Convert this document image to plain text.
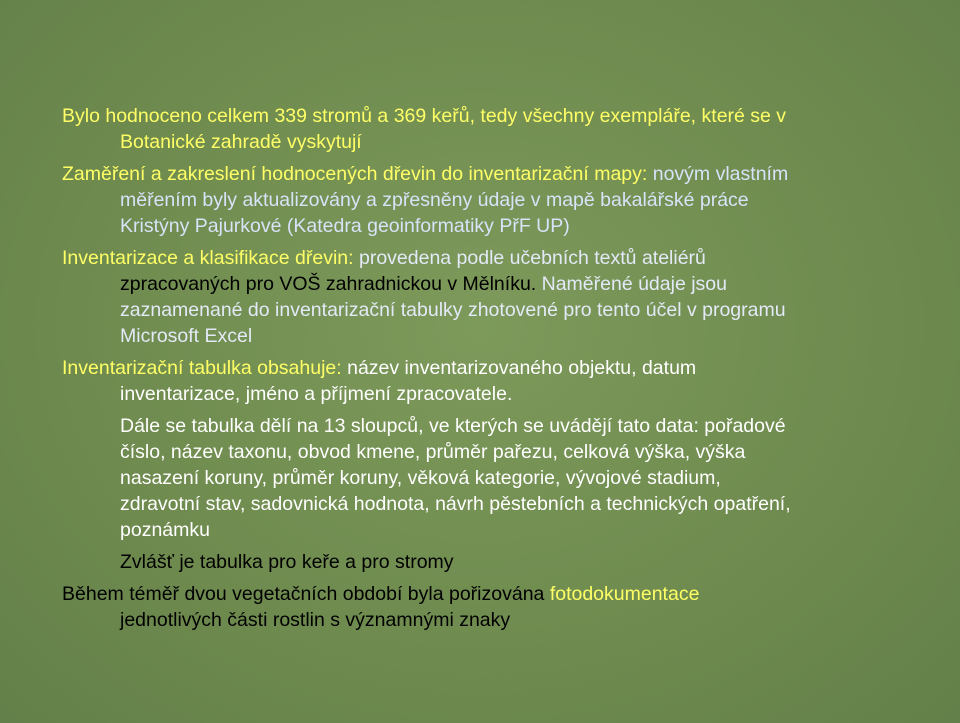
Bylo hodnoceno celkem 339 stromů a 369 keřů, tedy všechny exempláře, které se v
Botanické zahradě vyskytují
Zaměření a zakreslení hodnocených dřevin do inventarizační mapy: novým vlastním
měřením byly aktualizovány a zpřesněny údaje v mapě bakalářské práce
Kristýny Pajurkové (Katedra geoinformatiky PřF UP)
Inventarizace a klasifikace dřevin: provedena podle učebních textů ateliérů
zpracovaných pro VOŠ zahradnickou v Mělníku. Naměřené údaje jsou
zaznamenané do inventarizační tabulky zhotovené pro tento účel v programu
Microsoft Excel
Inventarizační tabulka obsahuje: název inventarizovaného objektu, datum
inventarizace, jméno a příjmení zpracovatele.
Dále se tabulka dělí na 13 sloupců, ve kterých se uvádějí tato data: pořadové
číslo, název taxonu, obvod kmene, průměr pařezu, celková výška, výška
nasazení koruny, průměr koruny, věková kategorie, vývojové stadium,
zdravotní stav, sadovnická hodnota, návrh pěstebních a technických opatření,
poznámku
Zvlášť je tabulka pro keře a pro stromy
Během téměř dvou vegetačních období byla pořizována fotodokumentace
jednotlivých části rostlin s významnými znaky
